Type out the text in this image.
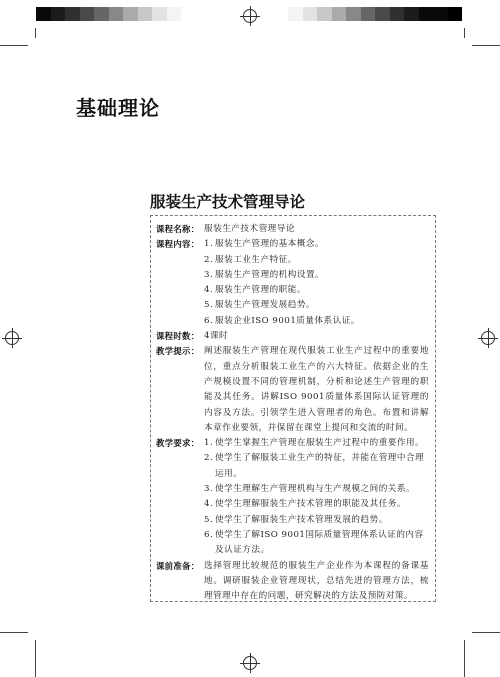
基础理论
服装生产技术管理导论
课程名称： 服装生产技术管理导论
课程内容： 1. 服装生产管理的基本概念。
2. 服装工业生产特征。
3. 服装生产管理的机构设置。
4. 服装生产管理的职能。
5. 服装生产管理发展趋势。
6. 服装企业ISO 9001质量体系认证。
课程时数： 4课时
教学提示： 阐述服装生产管理在现代服装工业生产过程中的重要地位，重点分析服装工业生产的六大特征。依据企业的生产规模设置不同的管理机制，分析和论述生产管理的职能及其任务。讲解ISO 9001质量体系国际认证管理的内容及方法。引领学生进入管理者的角色。布置和讲解本章作业要领，并保留在课堂上提问和交流的时间。
教学要求： 1. 使学生掌握生产管理在服装生产过程中的重要作用。
2. 使学生了解服装工业生产的特征，并能在管理中合理运用。
3. 使学生理解生产管理机构与生产规模之间的关系。
4. 使学生理解服装生产技术管理的职能及其任务。
5. 使学生了解服装生产技术管理发展的趋势。
6. 使学生了解ISO 9001国际质量管理体系认证的内容及认证方法。
课前准备： 选择管理比较规范的服装生产企业作为本课程的备课基地。调研服装企业管理现状，总结先进的管理方法，梳理管理中存在的问题，研究解决的方法及预防对策。
